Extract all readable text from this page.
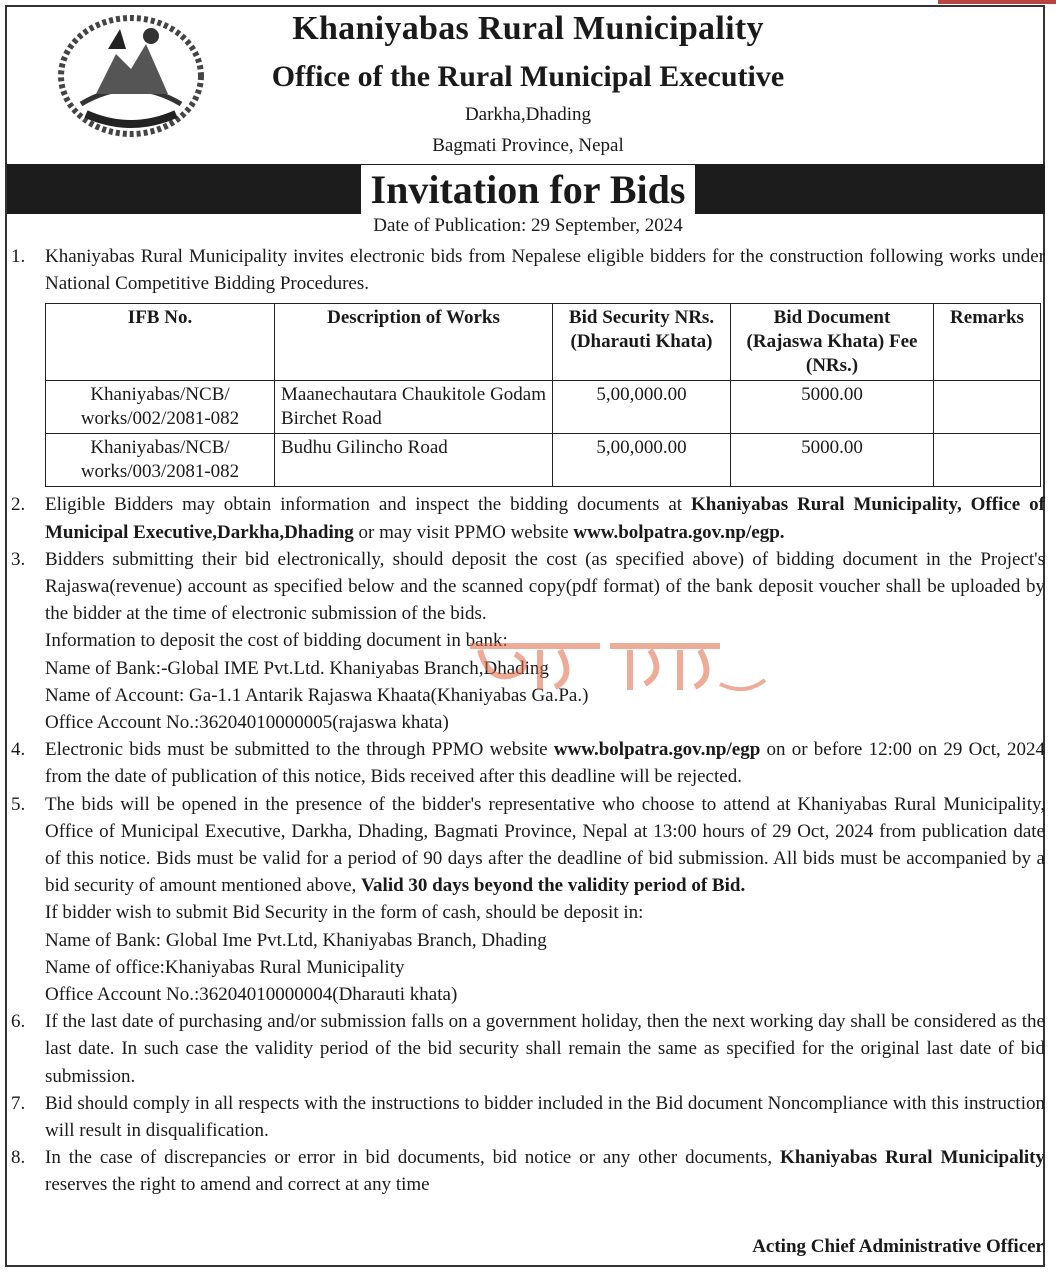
Khaniyabas Rural Municipality
Office of the Rural Municipal Executive
Darkha,Dhading
Bagmati Province, Nepal
Invitation for Bids
Date of Publication: 29 September, 2024
1. Khaniyabas Rural Municipality invites electronic bids from Nepalese eligible bidders for the construction following works under National Competitive Bidding Procedures.
IFB No.	Description of Works	Bid Security NRs. (Dharauti Khata)	Bid Document (Rajaswa Khata) Fee (NRs.)	Remarks
Khaniyabas/NCB/ works/002/2081-082	Maanechautara Chaukitole Godam Birchet Road	5,00,000.00	5000.00	
Khaniyabas/NCB/ works/003/2081-082	Budhu Gilincho Road	5,00,000.00	5000.00	
2. Eligible Bidders may obtain information and inspect the bidding documents at Khaniyabas Rural Municipality, Office of Municipal Executive,Darkha,Dhading or may visit PPMO website www.bolpatra.gov.np/egp.
3. Bidders submitting their bid electronically, should deposit the cost (as specified above) of bidding document in the Project's Rajaswa(revenue) account as specified below and the scanned copy(pdf format) of the bank deposit voucher shall be uploaded by the bidder at the time of electronic submission of the bids.
Information to deposit the cost of bidding document in bank:
Name of Bank:-Global IME Pvt.Ltd. Khaniyabas Branch,Dhading
Name of Account: Ga-1.1 Antarik Rajaswa Khaata(Khaniyabas Ga.Pa.)
Office Account No.:36204010000005(rajaswa khata)
4. Electronic bids must be submitted to the through PPMO website www.bolpatra.gov.np/egp on or before 12:00 on 29 Oct, 2024 from the date of publication of this notice, Bids received after this deadline will be rejected.
5. The bids will be opened in the presence of the bidder's representative who choose to attend at Khaniyabas Rural Municipality, Office of Municipal Executive, Darkha, Dhading, Bagmati Province, Nepal at 13:00 hours of 29 Oct, 2024 from publication date of this notice. Bids must be valid for a period of 90 days after the deadline of bid submission. All bids must be accompanied by a bid security of amount mentioned above, Valid 30 days beyond the validity period of Bid.
If bidder wish to submit Bid Security in the form of cash, should be deposit in:
Name of Bank: Global Ime Pvt.Ltd, Khaniyabas Branch, Dhading
Name of office:Khaniyabas Rural Municipality
Office Account No.:36204010000004(Dharauti khata)
6. If the last date of purchasing and/or submission falls on a government holiday, then the next working day shall be considered as the last date. In such case the validity period of the bid security shall remain the same as specified for the original last date of bid submission.
7. Bid should comply in all respects with the instructions to bidder included in the Bid document Noncompliance with this instruction will result in disqualification.
8. In the case of discrepancies or error in bid documents, bid notice or any other documents, Khaniyabas Rural Municipality reserves the right to amend and correct at any time
Acting Chief Administrative Officer
